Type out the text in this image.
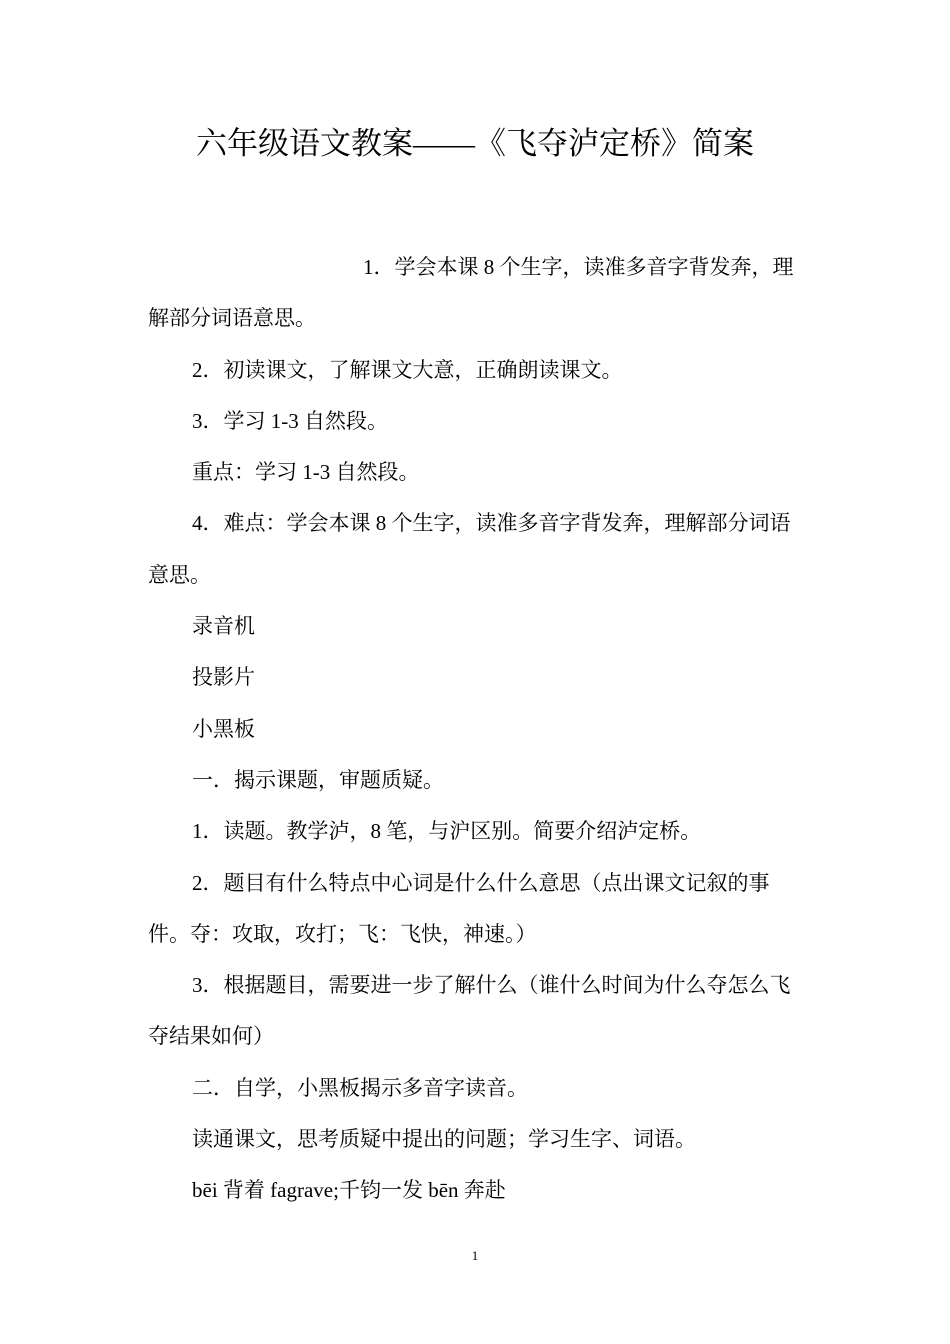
六年级语文教案——《飞夺泸定桥》简案

1．学会本课 8 个生字，读准多音字背发奔，理解部分词语意思。

2．初读课文，了解课文大意，正确朗读课文。

3．学习 1-3 自然段。

重点：学习 1-3 自然段。

4．难点：学会本课 8 个生字，读准多音字背发奔，理解部分词语意思。

录音机

投影片

小黑板

一．揭示课题，审题质疑。

1．读题。教学泸，8 笔，与沪区别。简要介绍泸定桥。

2．题目有什么特点中心词是什么什么意思（点出课文记叙的事件。夺：攻取，攻打；飞：飞快，神速。）

3．根据题目，需要进一步了解什么（谁什么时间为什么夺怎么飞夺结果如何）

二．自学，小黑板揭示多音字读音。

读通课文，思考质疑中提出的问题；学习生字、词语。

bēi 背着 fagrave;千钧一发 bēn 奔赴

1
